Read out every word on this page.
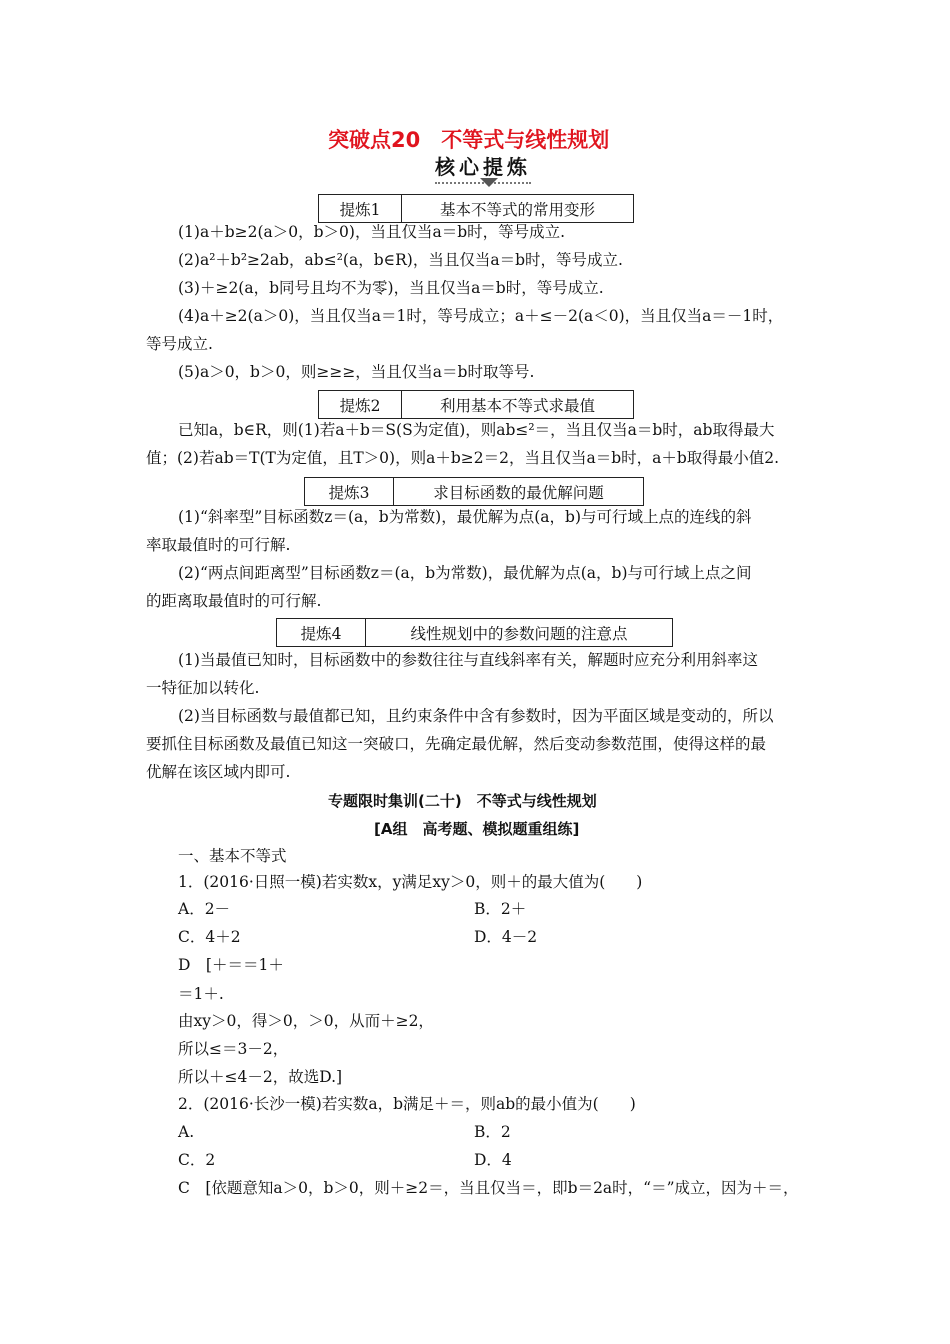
突破点20　不等式与线性规划
核心提炼
提炼1	基本不等式的常用变形
(1)a＋b≥2(a＞0，b＞0)，当且仅当a＝b时，等号成立.
(2)a²＋b²≥2ab，ab≤²(a，b∈R)，当且仅当a＝b时，等号成立.
(3)＋≥2(a，b同号且均不为零)，当且仅当a＝b时，等号成立.
(4)a＋≥2(a＞0)，当且仅当a＝1时，等号成立；a＋≤－2(a＜0)，当且仅当a＝－1时，
等号成立.
(5)a＞0，b＞0，则≥≥≥，当且仅当a＝b时取等号.
提炼2	利用基本不等式求最值
已知a，b∈R，则(1)若a＋b＝S(S为定值)，则ab≤²＝，当且仅当a＝b时，ab取得最大
值；(2)若ab＝T(T为定值，且T＞0)，则a＋b≥2＝2，当且仅当a＝b时，a＋b取得最小值2.
提炼3	求目标函数的最优解问题
(1)“斜率型”目标函数z＝(a，b为常数)，最优解为点(a，b)与可行域上点的连线的斜
率取最值时的可行解.
(2)“两点间距离型”目标函数z＝(a，b为常数)，最优解为点(a，b)与可行域上点之间
的距离取最值时的可行解.
提炼4	线性规划中的参数问题的注意点
(1)当最值已知时，目标函数中的参数往往与直线斜率有关，解题时应充分利用斜率这
一特征加以转化.
(2)当目标函数与最值都已知，且约束条件中含有参数时，因为平面区域是变动的，所以
要抓住目标函数及最值已知这一突破口，先确定最优解，然后变动参数范围，使得这样的最
优解在该区域内即可.
专题限时集训(二十)　不等式与线性规划
[A组　高考题、模拟题重组练]
一、基本不等式
1．(2016·日照一模)若实数x，y满足xy＞0，则＋的最大值为(　　)
A．2－	B．2＋
C．4＋2	D．4－2
D　[＋＝＝1＋
＝1＋.
由xy＞0，得＞0，＞0，从而＋≥2，
所以≤＝3－2，
所以＋≤4－2，故选D.]
2．(2016·长沙一模)若实数a，b满足＋＝，则ab的最小值为(　　)
A.	B．2
C．2	D．4
C　[依题意知a＞0，b＞0，则＋≥2＝，当且仅当＝，即b＝2a时，“＝”成立，因为＋＝，
